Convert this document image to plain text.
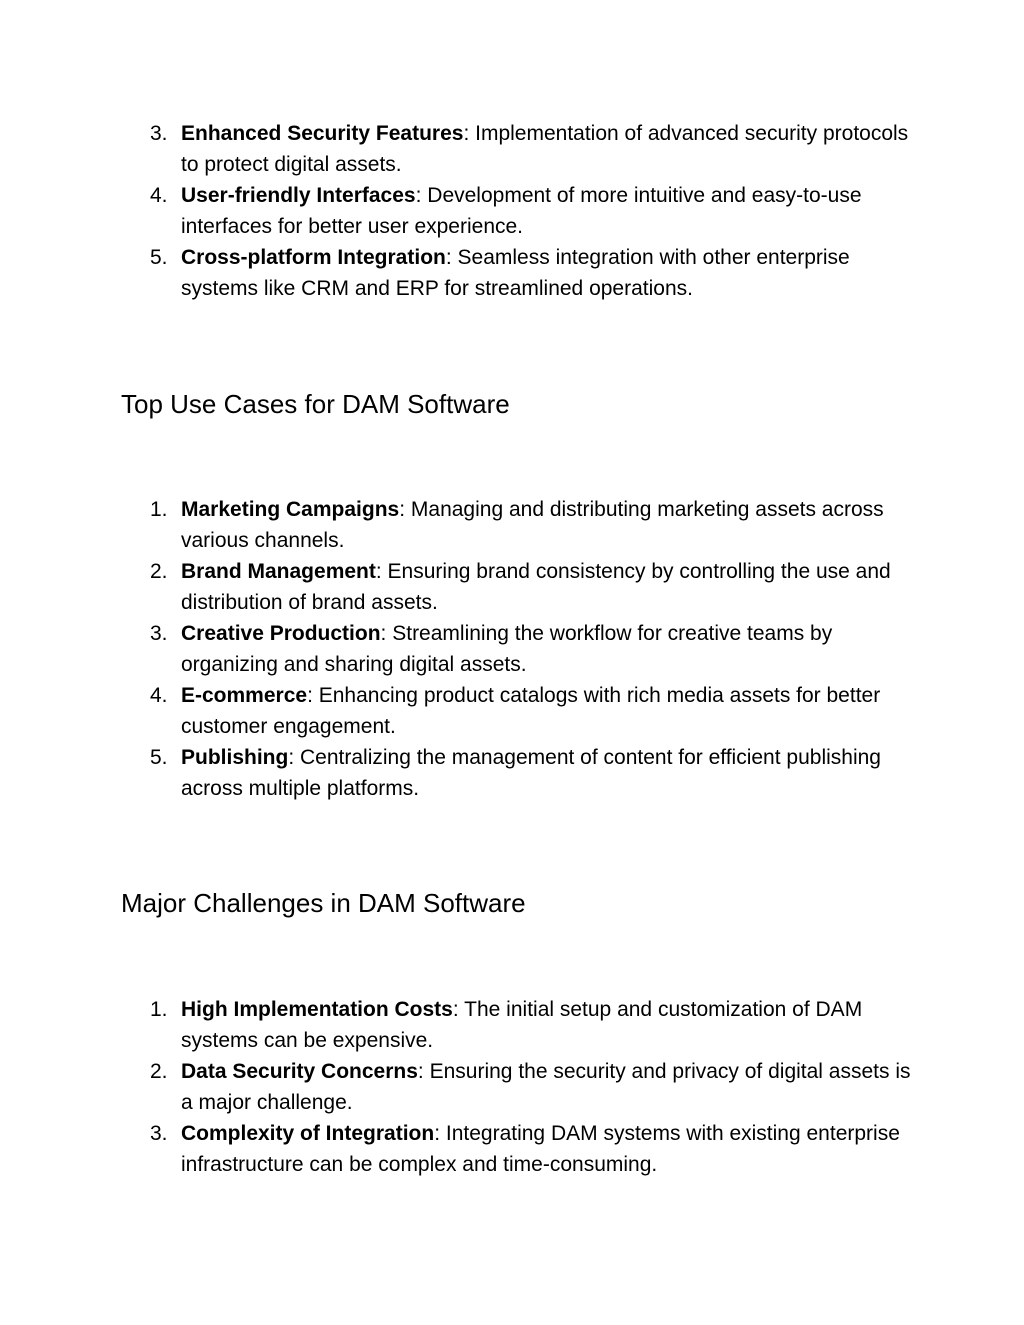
3. Enhanced Security Features: Implementation of advanced security protocols to protect digital assets.
4. User-friendly Interfaces: Development of more intuitive and easy-to-use interfaces for better user experience.
5. Cross-platform Integration: Seamless integration with other enterprise systems like CRM and ERP for streamlined operations.
Top Use Cases for DAM Software
1. Marketing Campaigns: Managing and distributing marketing assets across various channels.
2. Brand Management: Ensuring brand consistency by controlling the use and distribution of brand assets.
3. Creative Production: Streamlining the workflow for creative teams by organizing and sharing digital assets.
4. E-commerce: Enhancing product catalogs with rich media assets for better customer engagement.
5. Publishing: Centralizing the management of content for efficient publishing across multiple platforms.
Major Challenges in DAM Software
1. High Implementation Costs: The initial setup and customization of DAM systems can be expensive.
2. Data Security Concerns: Ensuring the security and privacy of digital assets is a major challenge.
3. Complexity of Integration: Integrating DAM systems with existing enterprise infrastructure can be complex and time-consuming.
